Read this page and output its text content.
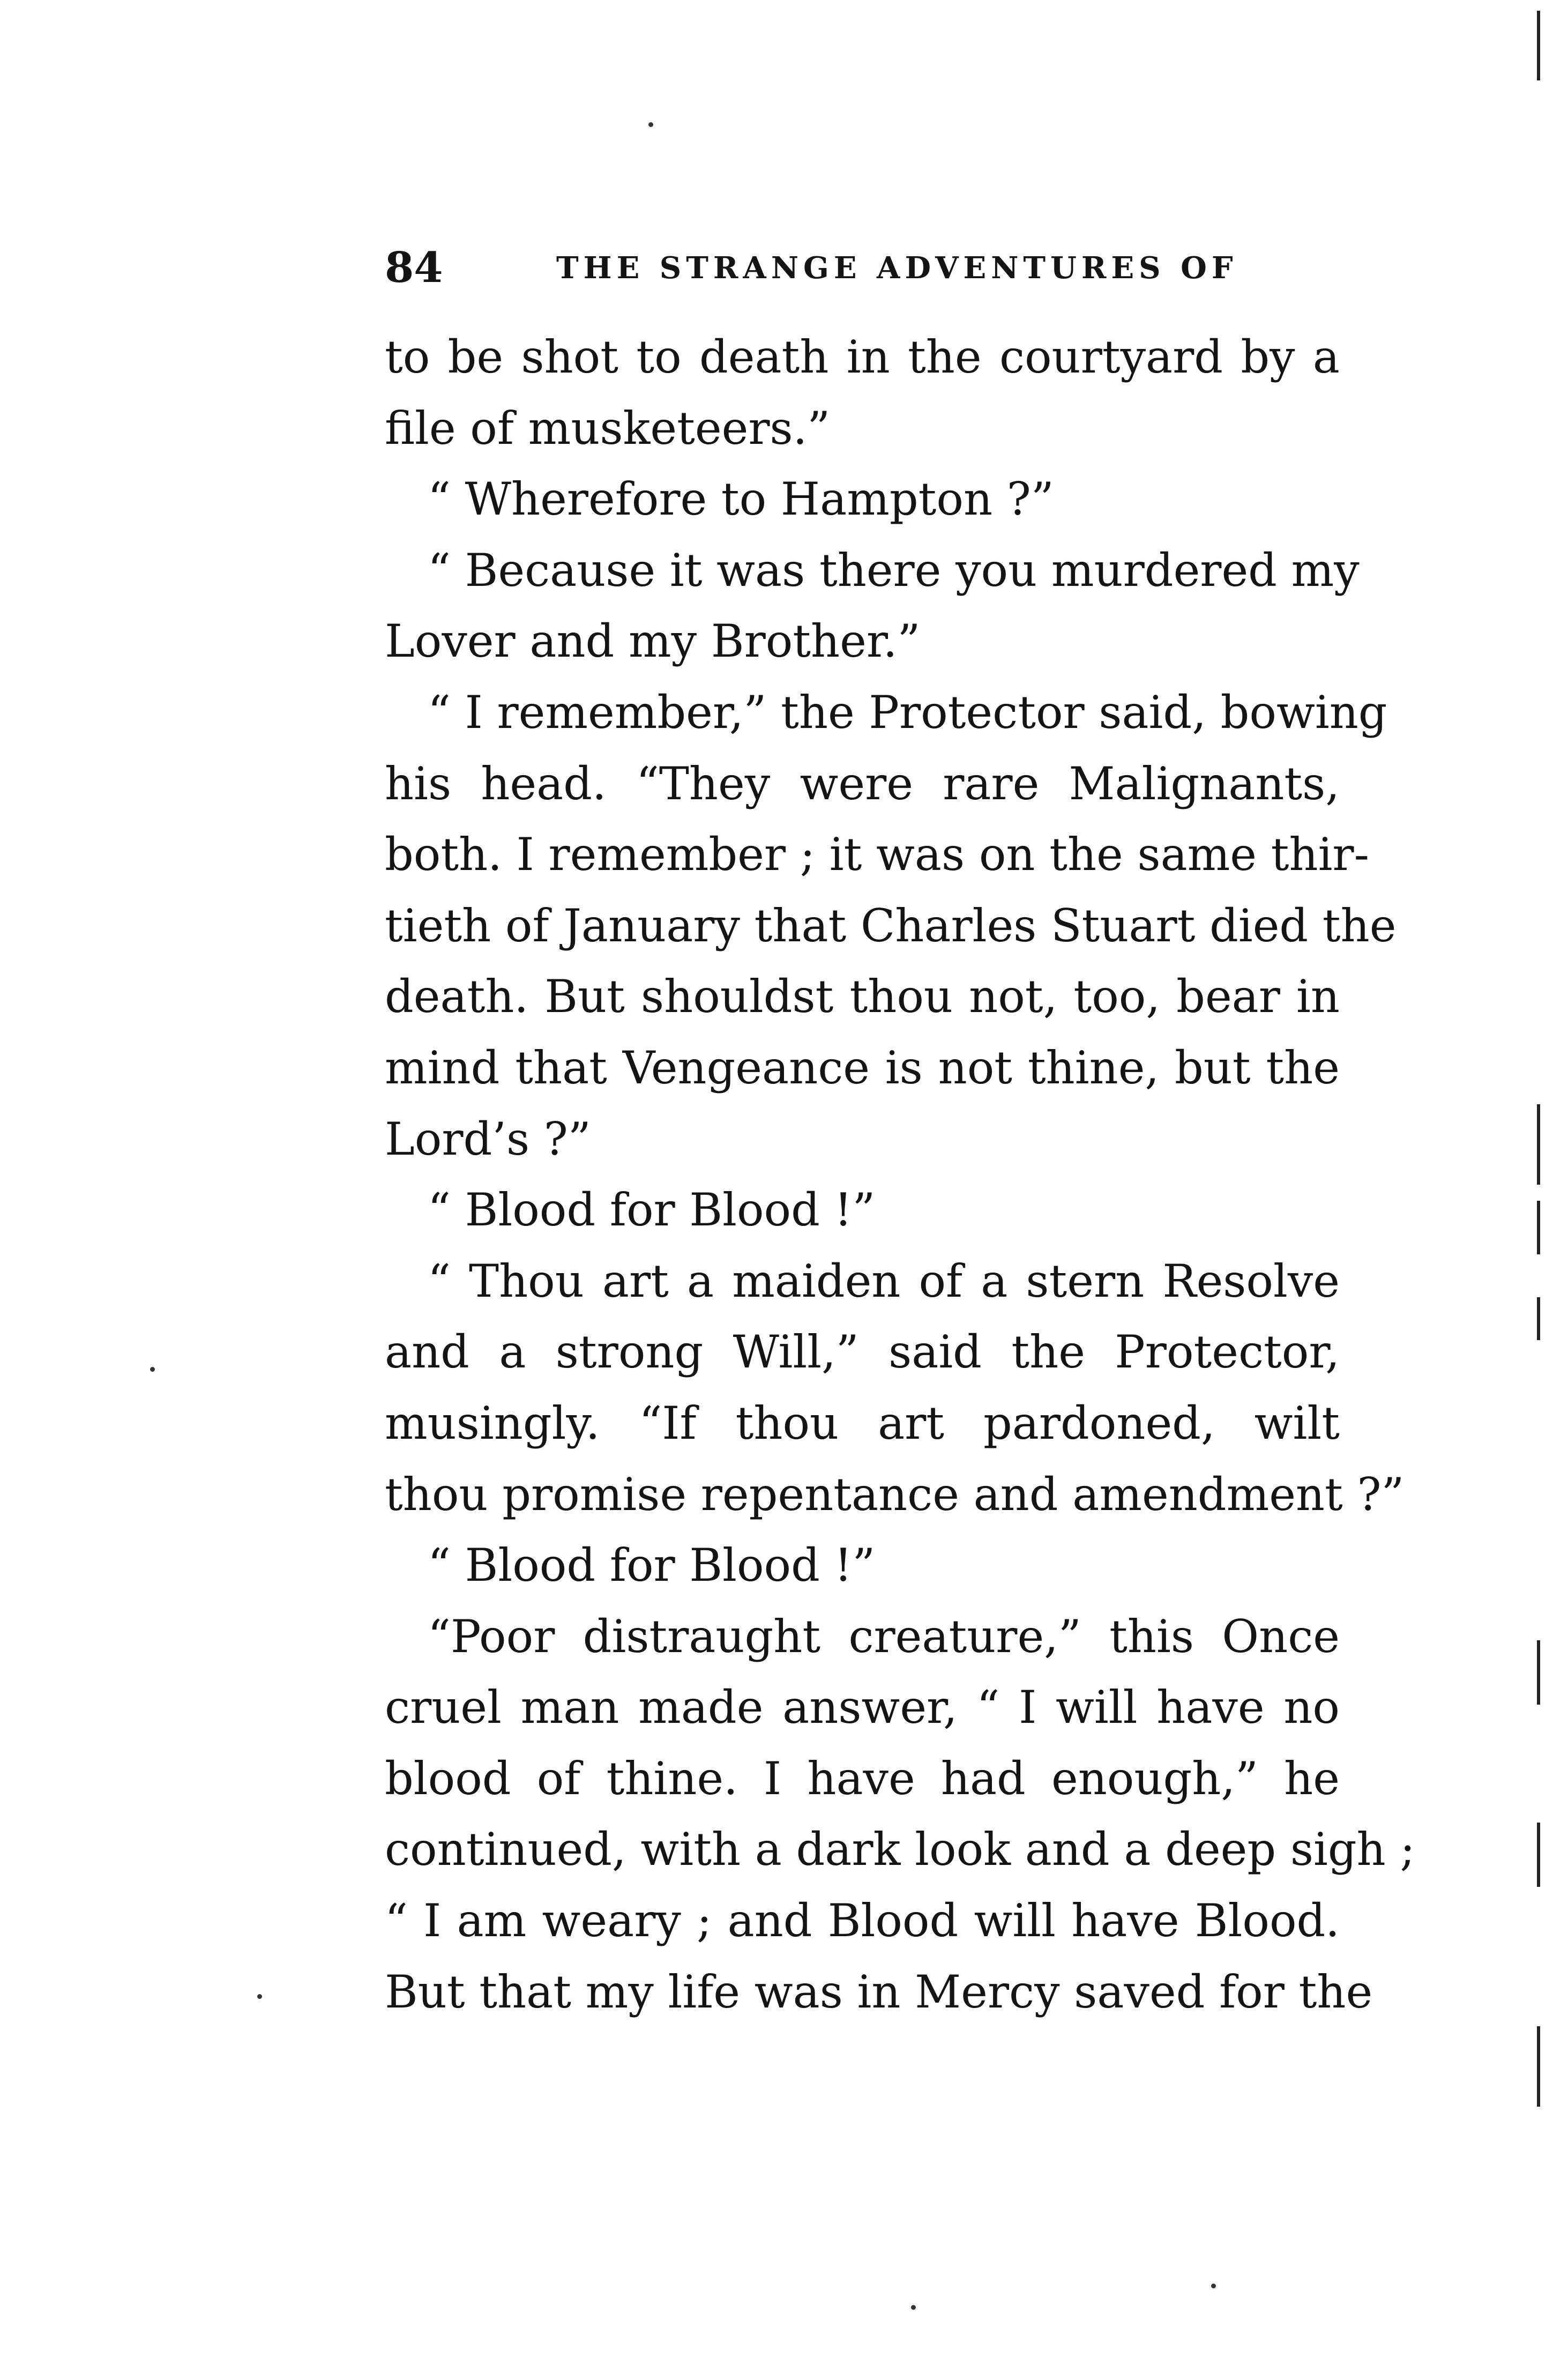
84	THE STRANGE ADVENTURES OF
to be shot to death in the courtyard by a
file of musketeers.”
“ Wherefore to Hampton ?”
“ Because it was there you murdered my
Lover and my Brother.”
“ I remember,” the Protector said, bowing
his head. “They were rare Malignants,
both. I remember ; it was on the same thir-
tieth of January that Charles Stuart died the
death. But shouldst thou not, too, bear in
mind that Vengeance is not thine, but the
Lord’s ?”
“ Blood for Blood !”
“ Thou art a maiden of a stern Resolve
and a strong Will,” said the Protector,
musingly. “If thou art pardoned, wilt
thou promise repentance and amendment ?”
“ Blood for Blood !”
“Poor distraught creature,” this Once
cruel man made answer, “ I will have no
blood of thine. I have had enough,” he
continued, with a dark look and a deep sigh ;
“ I am weary ; and Blood will have Blood.
But that my life was in Mercy saved for the
